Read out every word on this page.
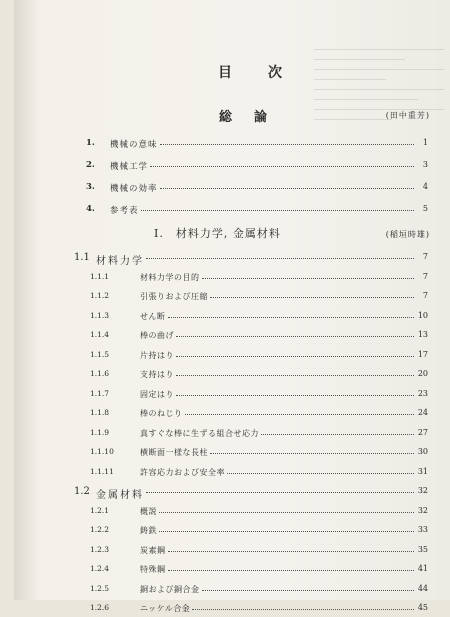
目次
総論	(田中重芳)
1. 機械の意味	1
2. 機械工学	3
3. 機械の効率	4
4. 参考表	5
I.　材料力学, 金属材料	(稲垣時雄)
1.1 材料力学	7
1.1.1	材料力学の目的	7
1.1.2	引張りおよび圧縮	7
1.1.3	せん断	10
1.1.4	棒の曲げ	13
1.1.5	片持はり	17
1.1.6	支持はり	20
1.1.7	固定はり	23
1.1.8	棒のねじり	24
1.1.9	真すぐな棒に生ずる組合せ応力	27
1.1.10	横断面一様な長柱	30
1.1.11	許容応力および安全率	31
1.2 金属材料	32
1.2.1	概説	32
1.2.2	鋳鉄	33
1.2.3	炭素鋼	35
1.2.4	特殊鋼	41
1.2.5	銅および銅合金	44
1.2.6	ニッケル合金	45
